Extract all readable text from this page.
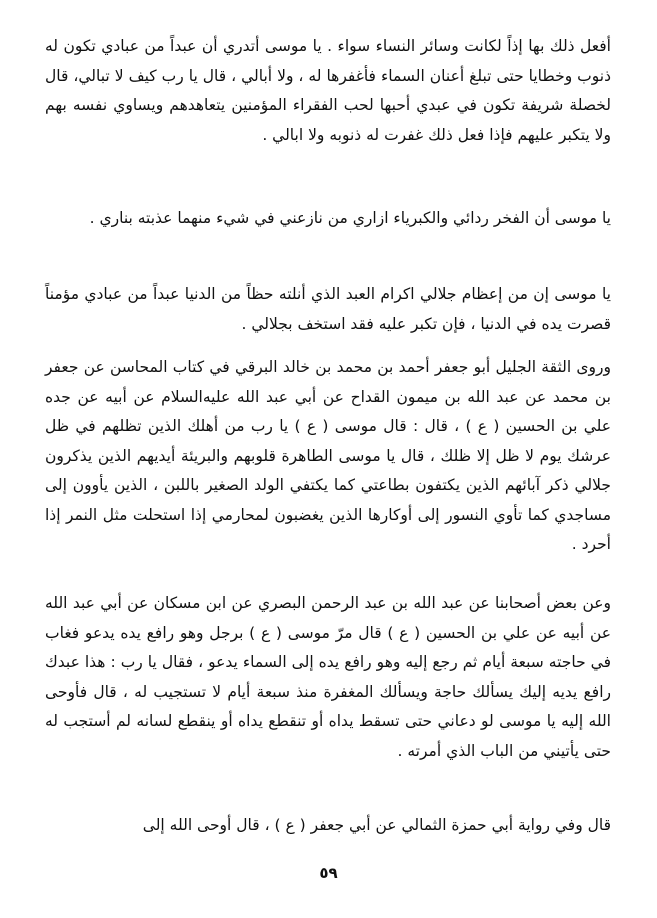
أفعل ذلك بها إذاً لكانت وسائر النساء سواء . يا موسى أتدري أن عبداً من عبادي تكون له ذنوب وخطايا حتى تبلغ أعنان السماء فأغفرها له ، ولا أبالي ، قال يا رب كيف لا تبالي، قال لخصلة شريفة تكون في عبدي أحبها لحب الفقراء المؤمنين يتعاهدهم ويساوي نفسه بهم ولا يتكبر عليهم فإذا فعل ذلك غفرت له ذنوبه ولا ابالي .

يا موسى أن الفخر ردائي والكبرياء ازاري من نازعني في شيء منهما عذبته بناري .

يا موسى إن من إعظام جلالي اكرام العبد الذي أنلته حظاً من الدنيا عبداً من عبادي مؤمناً قصرت يده في الدنيا ، فإن تكبر عليه فقد استخف بجلالي .

وروى الثقة الجليل أبو جعفر أحمد بن محمد بن خالد البرقي في كتاب المحاسن عن جعفر بن محمد عن عبد الله بن ميمون القداح عن أبي عبد الله عليه‌السلام عن أبيه عن جده علي بن الحسين ( ع ) ، قال : قال موسى ( ع ) يا رب من أهلك الذين تظلهم في ظل عرشك يوم لا ظل إلا ظلك ، قال يا موسى الطاهرة قلوبهم والبريئة أيديهم الذين يذكرون جلالي ذكر آبائهم الذين يكتفون بطاعتي كما يكتفي الولد الصغير باللبن ، الذين يأوون إلى مساجدي كما تأوي النسور إلى أوكارها الذين يغضبون لمحارمي إذا استحلت مثل النمر إذا أحرد .

وعن بعض أصحابنا عن عبد الله بن عبد الرحمن البصري عن ابن مسكان عن أبي عبد الله عن أبيه عن علي بن الحسين ( ع ) قال مرّ موسى ( ع ) برجل وهو رافع يده يدعو فغاب في حاجته سبعة أيام ثم رجع إليه وهو رافع يده إلى السماء يدعو ، فقال يا رب : هذا عبدك رافع يديه إليك يسألك حاجة ويسألك المغفرة منذ سبعة أيام لا تستجيب له ، قال فأوحى الله إليه يا موسى لو دعاني حتى تسقط يداه أو تنقطع يداه أو ينقطع لسانه لم أستجب له حتى يأتيني من الباب الذي أمرته .

قال وفي رواية أبي حمزة الثمالي عن أبي جعفر ( ع ) ، قال أوحى الله إلى

٥٩
